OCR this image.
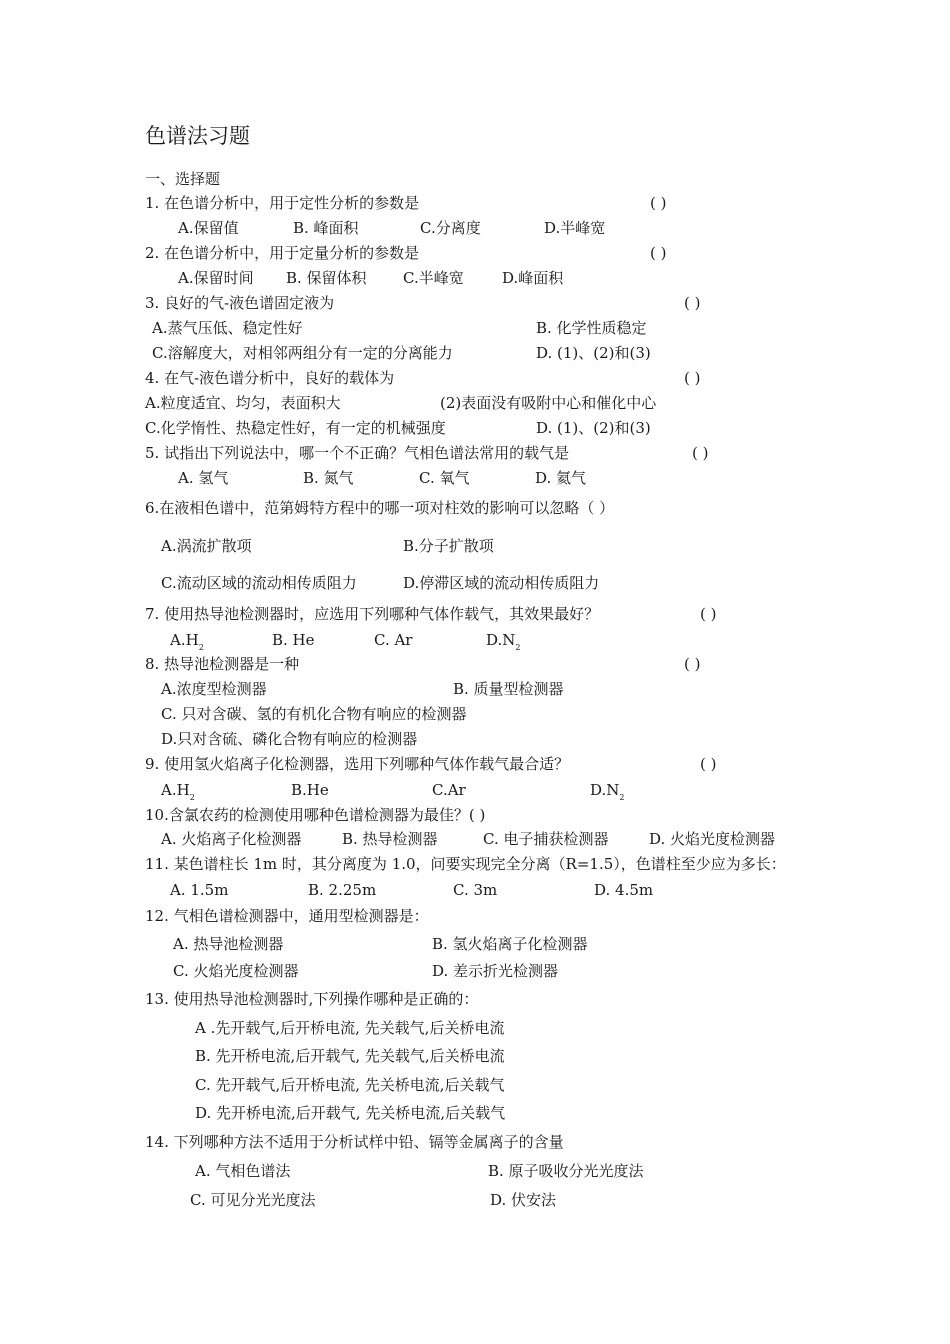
色谱法习题
一、选择题
1. 在色谱分析中，用于定性分析的参数是	( )
A.保留值	B. 峰面积	C.分离度	D.半峰宽
2. 在色谱分析中，用于定量分析的参数是	( )
A.保留时间 B. 保留体积 C.半峰宽	D.峰面积
3. 良好的气-液色谱固定液为	( )
A.蒸气压低、稳定性好	B. 化学性质稳定
C.溶解度大，对相邻两组分有一定的分离能力	D. (1)、(2)和(3)
4. 在气-液色谱分析中，良好的载体为	( )
A.粒度适宜、均匀，表面积大	(2)表面没有吸附中心和催化中心
C.化学惰性、热稳定性好，有一定的机械强度	D. (1)、(2)和(3)
5. 试指出下列说法中，哪一个不正确？气相色谱法常用的载气是	( )
A. 氢气	B. 氮气	C. 氧气	D. 氦气
6.在液相色谱中，范第姆特方程中的哪一项对柱效的影响可以忽略（ ）
A.涡流扩散项	B.分子扩散项
C.流动区域的流动相传质阻力	D.停滞区域的流动相传质阻力
7. 使用热导池检测器时，应选用下列哪种气体作载气，其效果最好？	( )
$A.H_2$	B. He	C. Ar	$D.N_2$
8. 热导池检测器是一种	( )
A.浓度型检测器	B. 质量型检测器
C. 只对含碳、氢的有机化合物有响应的检测器
D.只对含硫、磷化合物有响应的检测器
9. 使用氢火焰离子化检测器，选用下列哪种气体作载气最合适？	( )
$A.H_2$	B.He	C.Ar	$D.N_2$
10.含氯农药的检测使用哪种色谱检测器为最佳？( )
A. 火焰离子化检测器	B. 热导检测器	C. 电子捕获检测器	D. 火焰光度检测器
11. 某色谱柱长 1m 时，其分离度为 1.0，问要实现完全分离（R=1.5），色谱柱至少应为多长：
A. 1.5m	B. 2.25m	C. 3m	D. 4.5m
12. 气相色谱检测器中，通用型检测器是：
A. 热导池检测器	B. 氢火焰离子化检测器
C. 火焰光度检测器	D. 差示折光检测器
13. 使用热导池检测器时,下列操作哪种是正确的：
A .先开载气,后开桥电流, 先关载气,后关桥电流
B. 先开桥电流,后开载气, 先关载气,后关桥电流
C. 先开载气,后开桥电流, 先关桥电流,后关载气
D. 先开桥电流,后开载气, 先关桥电流,后关载气
14. 下列哪种方法不适用于分析试样中铅、镉等金属离子的含量
A. 气相色谱法	B. 原子吸收分光光度法
C. 可见分光光度法	D. 伏安法
